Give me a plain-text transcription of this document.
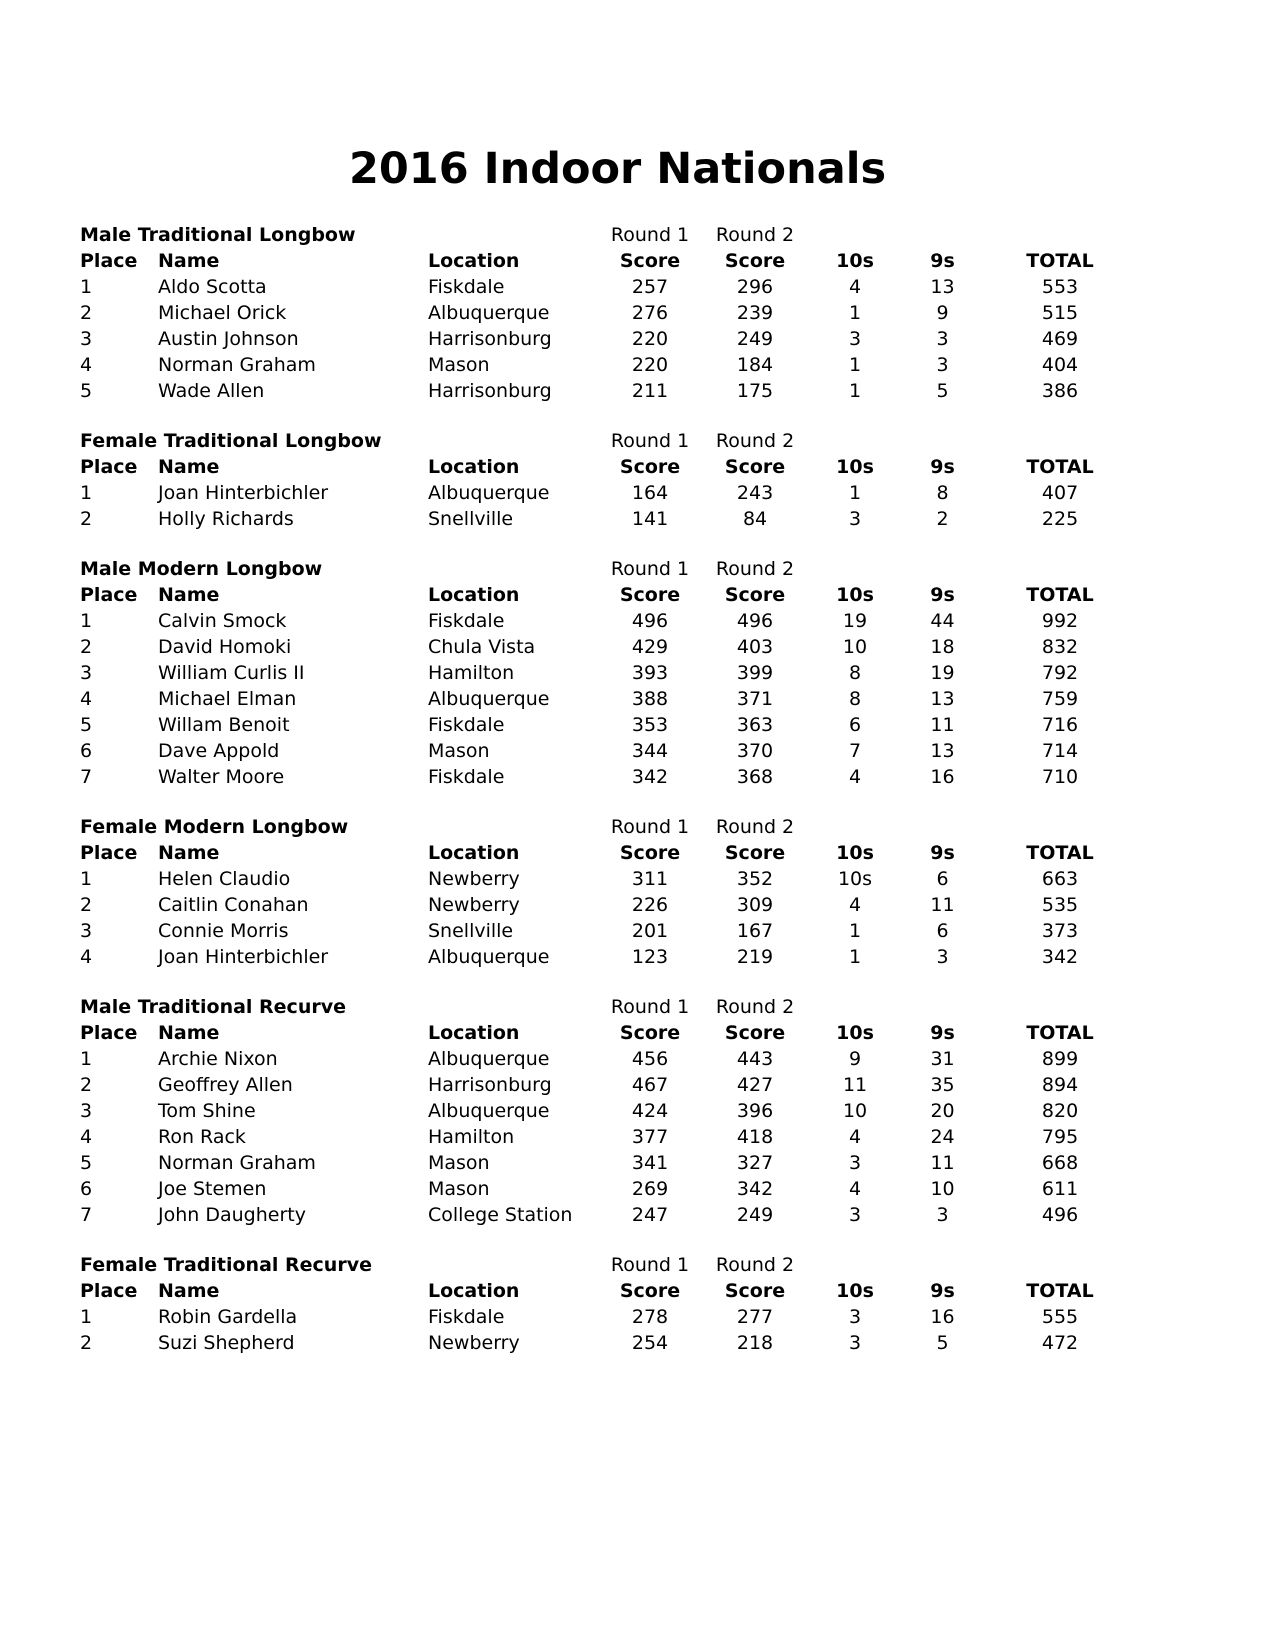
2016 Indoor Nationals
Male Traditional Longbow			Round 1	Round 2			
Place	Name	Location	Score	Score	10s	9s	TOTAL
1	Aldo Scotta	Fiskdale	257	296	4	13	553
2	Michael Orick	Albuquerque	276	239	1	9	515
3	Austin Johnson	Harrisonburg	220	249	3	3	469
4	Norman Graham	Mason	220	184	1	3	404
5	Wade Allen	Harrisonburg	211	175	1	5	386
Female Traditional Longbow			Round 1	Round 2			
Place	Name	Location	Score	Score	10s	9s	TOTAL
1	Joan Hinterbichler	Albuquerque	164	243	1	8	407
2	Holly Richards	Snellville	141	84	3	2	225
Male Modern Longbow			Round 1	Round 2			
Place	Name	Location	Score	Score	10s	9s	TOTAL
1	Calvin Smock	Fiskdale	496	496	19	44	992
2	David Homoki	Chula Vista	429	403	10	18	832
3	William Curlis II	Hamilton	393	399	8	19	792
4	Michael Elman	Albuquerque	388	371	8	13	759
5	Willam Benoit	Fiskdale	353	363	6	11	716
6	Dave Appold	Mason	344	370	7	13	714
7	Walter Moore	Fiskdale	342	368	4	16	710
Female Modern Longbow			Round 1	Round 2			
Place	Name	Location	Score	Score	10s	9s	TOTAL
1	Helen Claudio	Newberry	311	352	10s	6	663
2	Caitlin Conahan	Newberry	226	309	4	11	535
3	Connie Morris	Snellville	201	167	1	6	373
4	Joan Hinterbichler	Albuquerque	123	219	1	3	342
Male Traditional Recurve			Round 1	Round 2			
Place	Name	Location	Score	Score	10s	9s	TOTAL
1	Archie Nixon	Albuquerque	456	443	9	31	899
2	Geoffrey Allen	Harrisonburg	467	427	11	35	894
3	Tom Shine	Albuquerque	424	396	10	20	820
4	Ron Rack	Hamilton	377	418	4	24	795
5	Norman Graham	Mason	341	327	3	11	668
6	Joe Stemen	Mason	269	342	4	10	611
7	John Daugherty	College Station	247	249	3	3	496
Female Traditional Recurve			Round 1	Round 2			
Place	Name	Location	Score	Score	10s	9s	TOTAL
1	Robin Gardella	Fiskdale	278	277	3	16	555
2	Suzi Shepherd	Newberry	254	218	3	5	472
